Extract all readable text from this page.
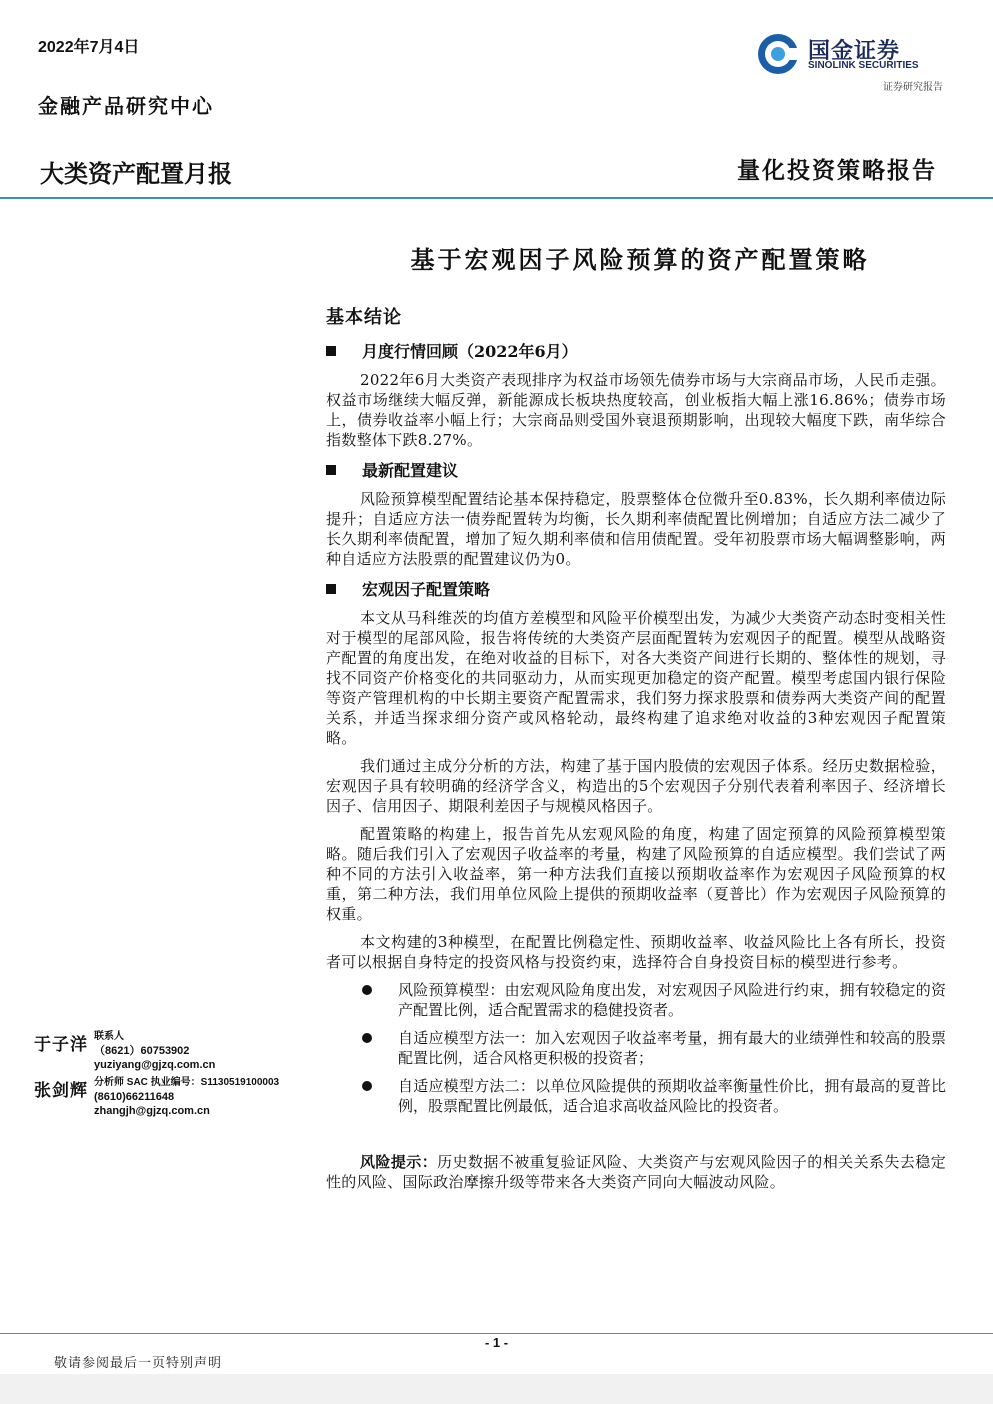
2022年7月4日
金融产品研究中心
大类资产配置月报	量化投资策略报告
国金证券
SINOLINK SECURITIES
证券研究报告
基于宏观因子风险预算的资产配置策略
基本结论
月度行情回顾（2022年6月）

2022年6月大类资产表现排序为权益市场领先债券市场与大宗商品市场，人民币走强。权益市场继续大幅反弹，新能源成长板块热度较高，创业板指大幅上涨16.86%；债券市场上，债券收益率小幅上行；大宗商品则受国外衰退预期影响，出现较大幅度下跌，南华综合指数整体下跌8.27%。

最新配置建议

风险预算模型配置结论基本保持稳定，股票整体仓位微升至0.83%，长久期利率债边际提升；自适应方法一债券配置转为均衡，长久期利率债配置比例增加；自适应方法二减少了长久期利率债配置，增加了短久期利率债和信用债配置。受年初股票市场大幅调整影响，两种自适应方法股票的配置建议仍为0。

宏观因子配置策略

本文从马科维茨的均值方差模型和风险平价模型出发，为减少大类资产动态时变相关性对于模型的尾部风险，报告将传统的大类资产层面配置转为宏观因子的配置。模型从战略资产配置的角度出发，在绝对收益的目标下，对各大类资产间进行长期的、整体性的规划，寻找不同资产价格变化的共同驱动力，从而实现更加稳定的资产配置。模型考虑国内银行保险等资产管理机构的中长期主要资产配置需求，我们努力探求股票和债券两大类资产间的配置关系，并适当探求细分资产或风格轮动，最终构建了追求绝对收益的3种宏观因子配置策略。

我们通过主成分分析的方法，构建了基于国内股债的宏观因子体系。经历史数据检验，宏观因子具有较明确的经济学含义，构造出的5个宏观因子分别代表着利率因子、经济增长因子、信用因子、期限利差因子与规模风格因子。

配置策略的构建上，报告首先从宏观风险的角度，构建了固定预算的风险预算模型策略。随后我们引入了宏观因子收益率的考量，构建了风险预算的自适应模型。我们尝试了两种不同的方法引入收益率，第一种方法我们直接以预期收益率作为宏观因子风险预算的权重，第二种方法，我们用单位风险上提供的预期收益率（夏普比）作为宏观因子风险预算的权重。

本文构建的3种模型，在配置比例稳定性、预期收益率、收益风险比上各有所长，投资者可以根据自身特定的投资风格与投资约束，选择符合自身投资目标的模型进行参考。

风险预算模型：由宏观风险角度出发，对宏观因子风险进行约束，拥有较稳定的资产配置比例，适合配置需求的稳健投资者。
自适应模型方法一：加入宏观因子收益率考量，拥有最大的业绩弹性和较高的股票配置比例，适合风格更积极的投资者；
自适应模型方法二：以单位风险提供的预期收益率衡量性价比，拥有最高的夏普比例，股票配置比例最低，适合追求高收益风险比的投资者。

风险提示：历史数据不被重复验证风险、大类资产与宏观风险因子的相关关系失去稳定性的风险、国际政治摩擦升级等带来各大类资产同向大幅波动风险。

于子洋 联系人
（8621）60753902
yuziyang@gjzq.com.cn
张剑辉 分析师 SAC 执业编号：S1130519100003
(8610)66211648
zhangjh@gjzq.com.cn
- 1 -
敬请参阅最后一页特别声明
